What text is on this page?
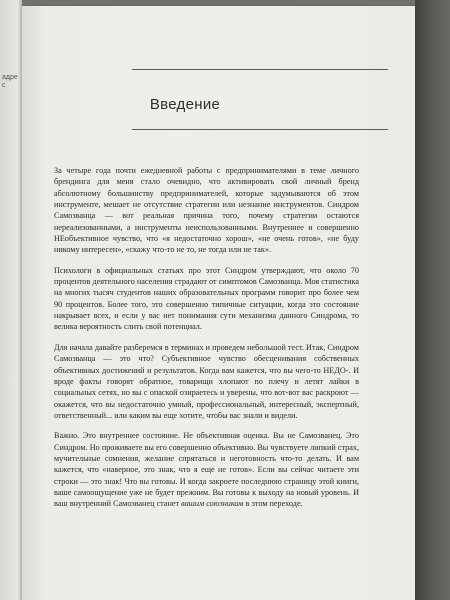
адрес
Введение

За четыре года почти ежедневной работы с предпринимателями в теме личного брендинга для меня стало очевидно, что активировать свой личный бренд абсолютному большинству предпринимателей, которые задумываются об этом инструменте, мешает не отсутствие стратегии или незнание инструментов. Синдром Самозванца — вот реальная причина того, почему стратегии остаются нереализованными, а инструменты неиспользованными. Внутреннее и совершенно НЕобъективное чувство, что «я недостаточно хорош», «не очень готов», «не буду никому интересен», «скажу что-то не то, не тогда или не так».

Психологи в официальных статьях про этот Синдром утверждают, что около 70 процентов деятельного населения страдают от симптомов Самозванца. Моя статистика на многих тысяч студентов наших образовательных программ говорит про более чем 90 процентов. Более того, это совершенно типичные ситуации, когда это состояние накрывает всех, и если у вас нет понимания сути механизма данного Синдрома, то велика вероятность слить свой потенциал.

Для начала давайте разберемся в терминах и проведем небольшой тест. Итак, Синдром Самозванца — это что? Субъективное чувство обесценивания собственных объективных достижений и результатов. Когда вам кажется, что вы чего-то НЕДО-. И вроде факты говорят обратное, товарищи хлопают по плечу и летят лайки в социальных сетях, но вы с опаской озираетесь и уверены, что вот-вот вас раскроют — окажется, что вы недостаточно умный, профессиональный, интересный, экспертный, ответственный... или каким вы еще хотите, чтобы вас знали и видели.

Важно. Это внутреннее состояние. Не объективная оценка. Вы не Самозванец. Это Синдром. Но проживаете вы его совершенно объективно. Вы чувствуете липкий страх, мучительные сомнения, желание спрятаться и неготовность что-то делать. И вам кажется, что «наверное, это знак, что я еще не готов». Если вы сейчас читаете эти строки — это знак! Что вы готовы. И когда закроете последнюю страницу этой книги, ваше самоощущение уже не будет прежним. Вы готовы к выходу на новый уровень. И ваш внутренний Самозванец станет вашим союзником в этом переходе.
